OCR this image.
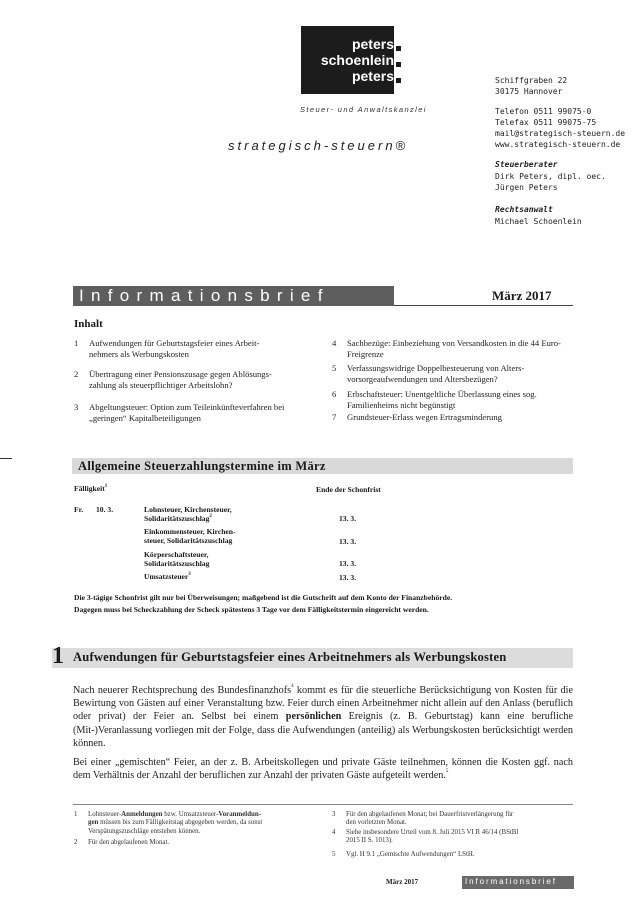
peters
schoenlein
peters
Steuer- und Anwaltskanzlei
strategisch-steuern®
Schiffgraben 22
30175 Hannover
Telefon 0511 99075-0
Telefax 0511 99075-75
mail@strategisch-steuern.de
www.strategisch-steuern.de
Steuerberater
Dirk Peters, dipl. oec.
Jürgen Peters
Rechtsanwalt
Michael Schoenlein
Informationsbrief	März 2017
Inhalt
1 Aufwendungen für Geburtstagsfeier eines Arbeit-     nehmers als Werbungskosten
2 Übertragung einer Pensionszusage gegen Ablösungs- zahlung als steuerpflichtiger Arbeitslohn?
3 Abgeltungsteuer: Option zum Teileinkünfteverfahren bei „geringen“ Kapitalbeteiligungen
4 Sachbezüge: Einbeziehung von Versandkosten in die 44 Euro-Freigrenze
5 Verfassungswidrige Doppelbesteuerung von Alters- vorsorgeaufwendungen und Altersbezügen?
6 Erbschaftsteuer: Unentgeltliche Überlassung eines sog. Familienheims nicht begünstigt
7 Grundsteuer-Erlass wegen Ertragsminderung
Allgemeine Steuerzahlungstermine im März
Fälligkeit$^1$	Ende der Schonfrist
Fr. 10. 3.	Lohnsteuer, Kirchensteuer,
Solidaritätszuschlag$^2$	13. 3.
Einkommensteuer, Kirchen-
steuer, Solidaritätszuschlag	13. 3.
Körperschaftsteuer,
Solidaritätszuschlag	13. 3.
Umsatzsteuer$^3$	13. 3.
Die 3-tägige Schonfrist gilt nur bei Überweisungen; maßgebend ist die Gutschrift auf dem Konto der Finanzbehörde.
Dagegen muss bei Scheckzahlung der Scheck spätestens 3 Tage vor dem Fälligkeitstermin eingereicht werden.
1 Aufwendungen für Geburtstagsfeier eines Arbeitnehmers als Werbungskosten
Nach neuerer Rechtsprechung des Bundesfinanzhofs$^4$ kommt es für die steuerliche Berücksichtigung von Kosten für die Bewirtung von Gästen auf einer Veranstaltung bzw. Feier durch einen Arbeitnehmer nicht allein auf den Anlass (beruflich oder privat) der Feier an. Selbst bei einem persönlichen Ereignis (z. B. Geburtstag) kann eine berufliche (Mit-)Veranlassung vorliegen mit der Folge, dass die Aufwendungen (anteilig) als Werbungskosten berücksichtigt werden können.
Bei einer „gemischten“ Feier, an der z. B. Arbeitskollegen und private Gäste teilnehmen, können die Kosten ggf. nach dem Verhältnis der Anzahl der beruflichen zur Anzahl der privaten Gäste aufgeteilt werden.$^5$
1 Lohnsteuer-Anmeldungen bzw. Umsatzsteuer-Voranmeldun-
gen müssen bis zum Fälligkeitstag abgegeben werden, da sonst
Verspätungszuschläge entstehen können.
2 Für den abgelaufenen Monat.
3 Für den abgelaufenen Monat; bei Dauerfristverlängerung für
den vorletzten Monat.
4 Siehe insbesondere Urteil vom 8. Juli 2015 VI R 46/14 (BStBl
2015 II S. 1013).
5 Vgl. H 9.1 „Gemischte Aufwendungen“ LStH.
März 2017	Informationsbrief
